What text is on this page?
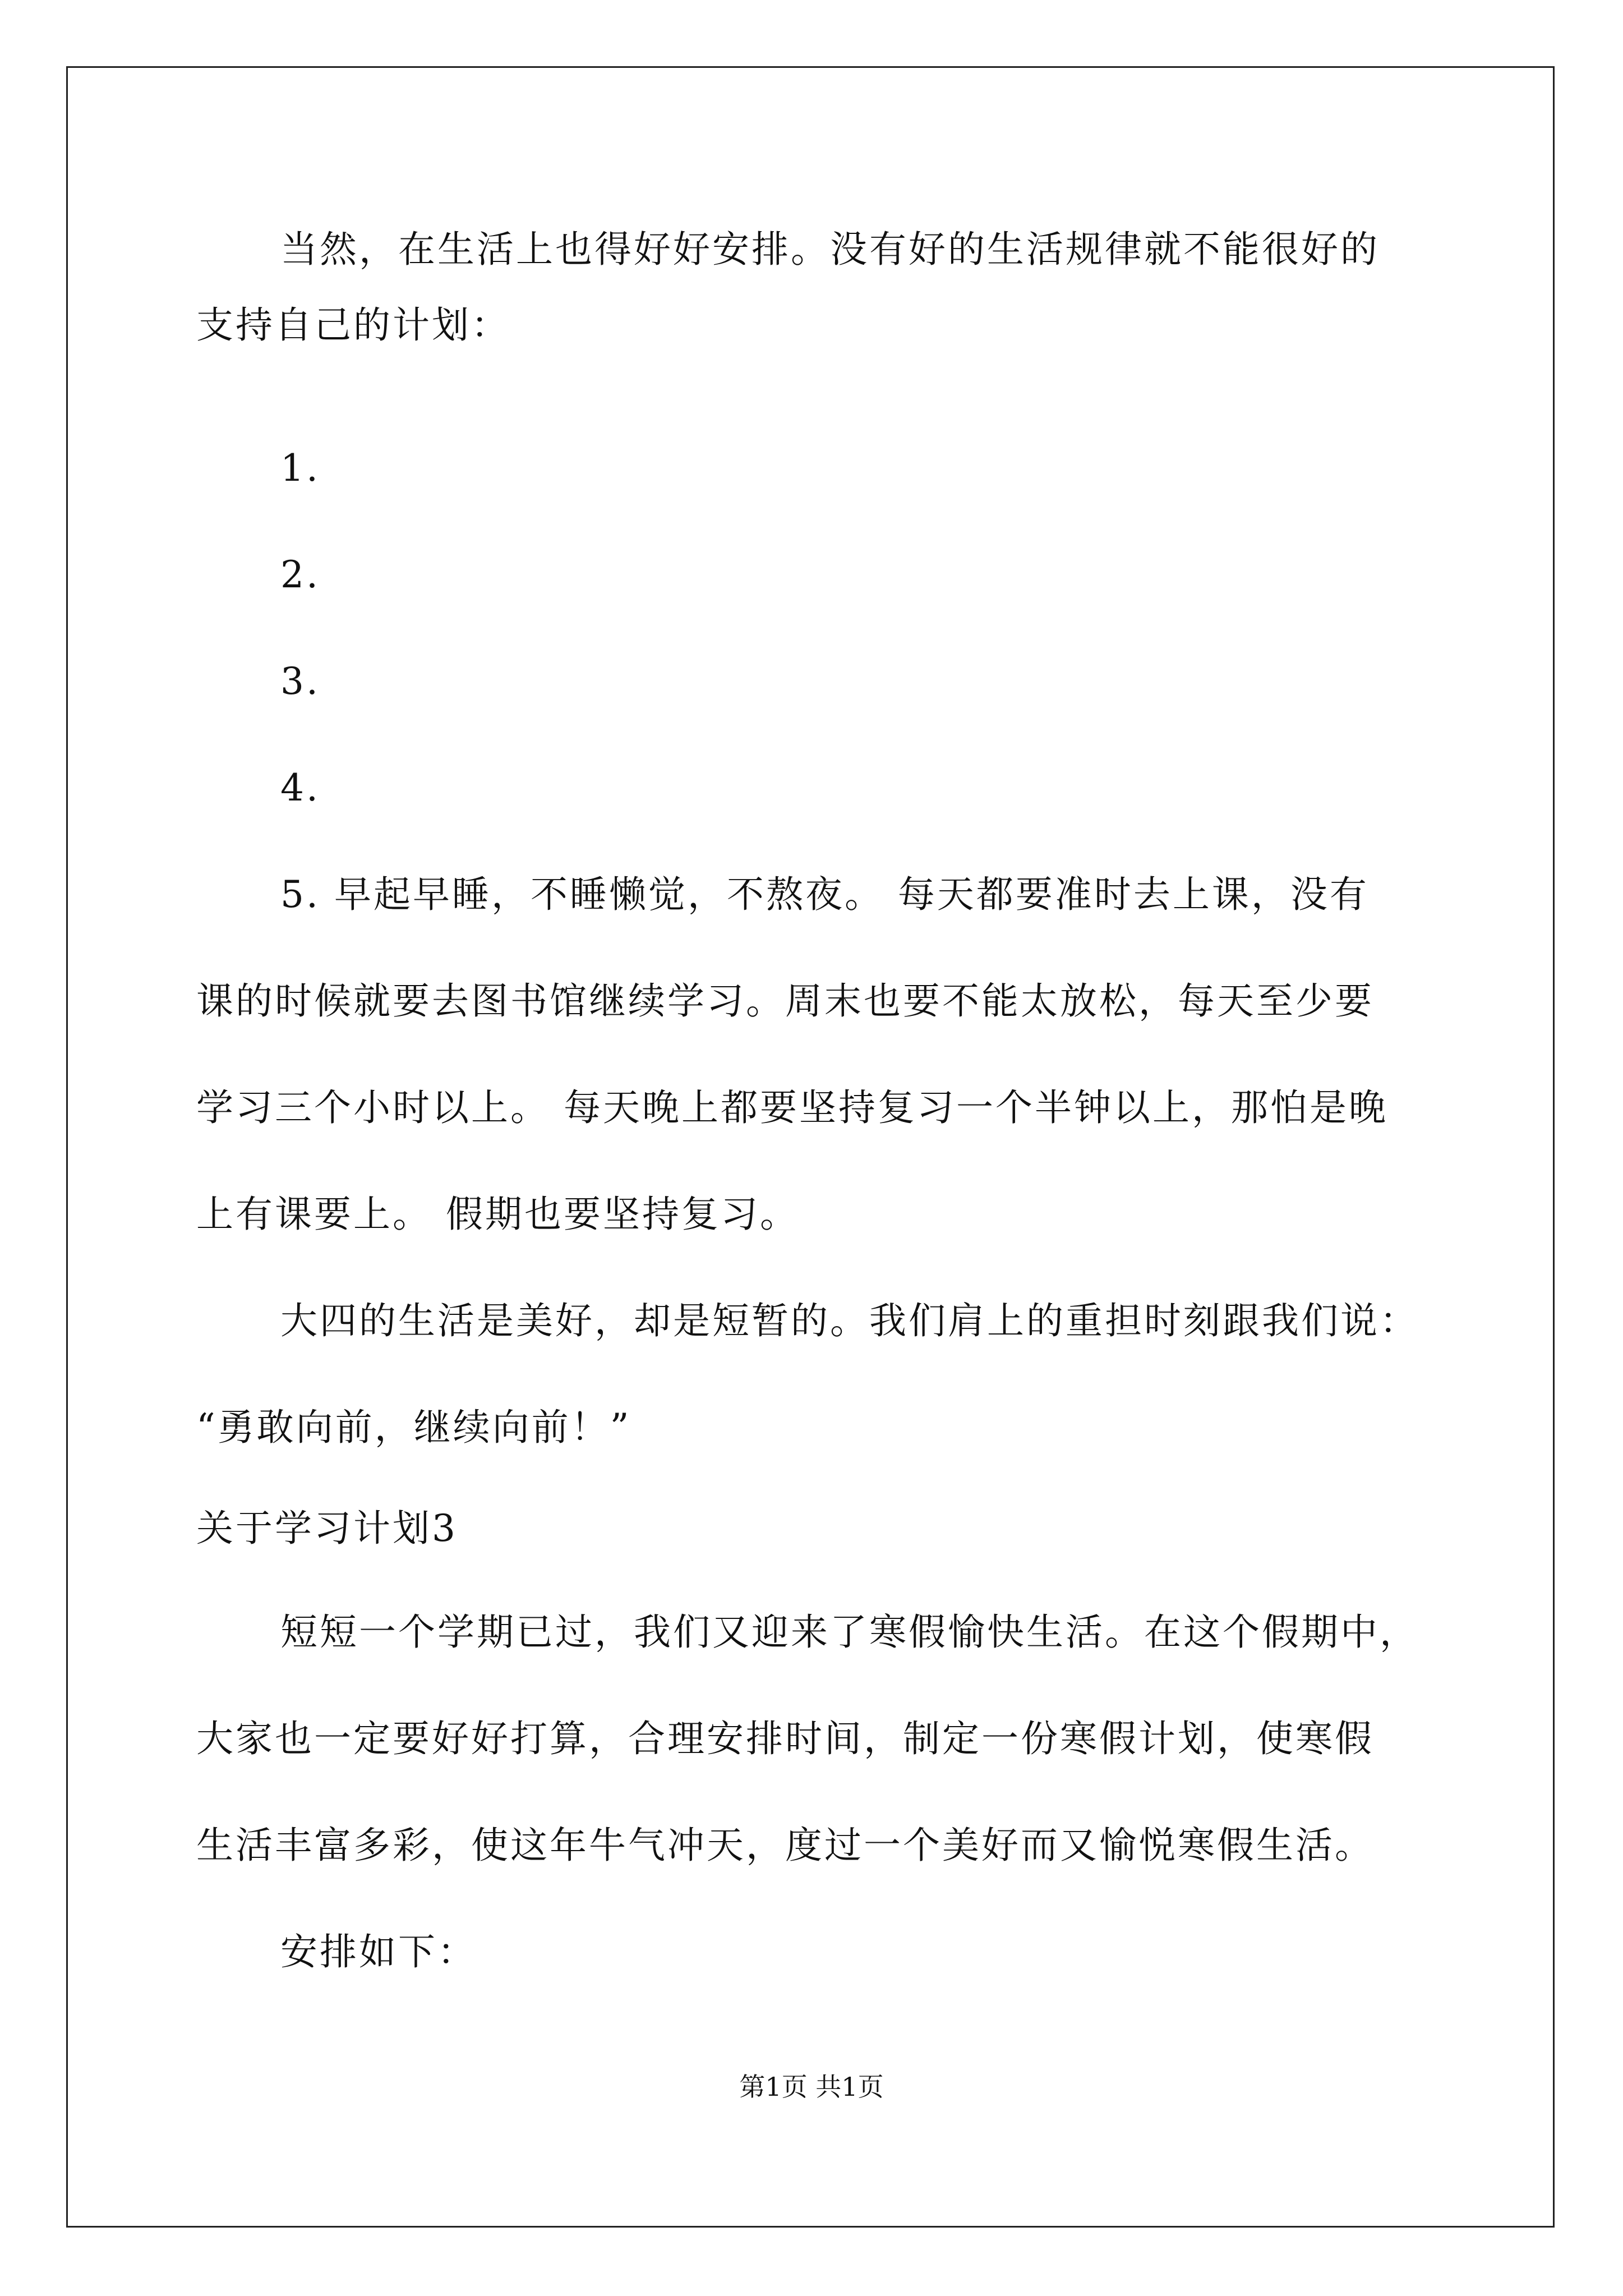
当然，在生活上也得好好安排。没有好的生活规律就不能很好的
支持自己的计划：
1.
2.
3.
4.
5. 早起早睡，不睡懒觉，不熬夜。 每天都要准时去上课，没有
课的时候就要去图书馆继续学习。周末也要不能太放松，每天至少要
学习三个小时以上。 每天晚上都要坚持复习一个半钟以上，那怕是晚
上有课要上。 假期也要坚持复习。
大四的生活是美好，却是短暂的。我们肩上的重担时刻跟我们说：
“勇敢向前，继续向前！”
关于学习计划3
短短一个学期已过，我们又迎来了寒假愉快生活。在这个假期中，
大家也一定要好好打算，合理安排时间，制定一份寒假计划，使寒假
生活丰富多彩，使这年牛气冲天，度过一个美好而又愉悦寒假生活。
安排如下：
第1页 共1页
